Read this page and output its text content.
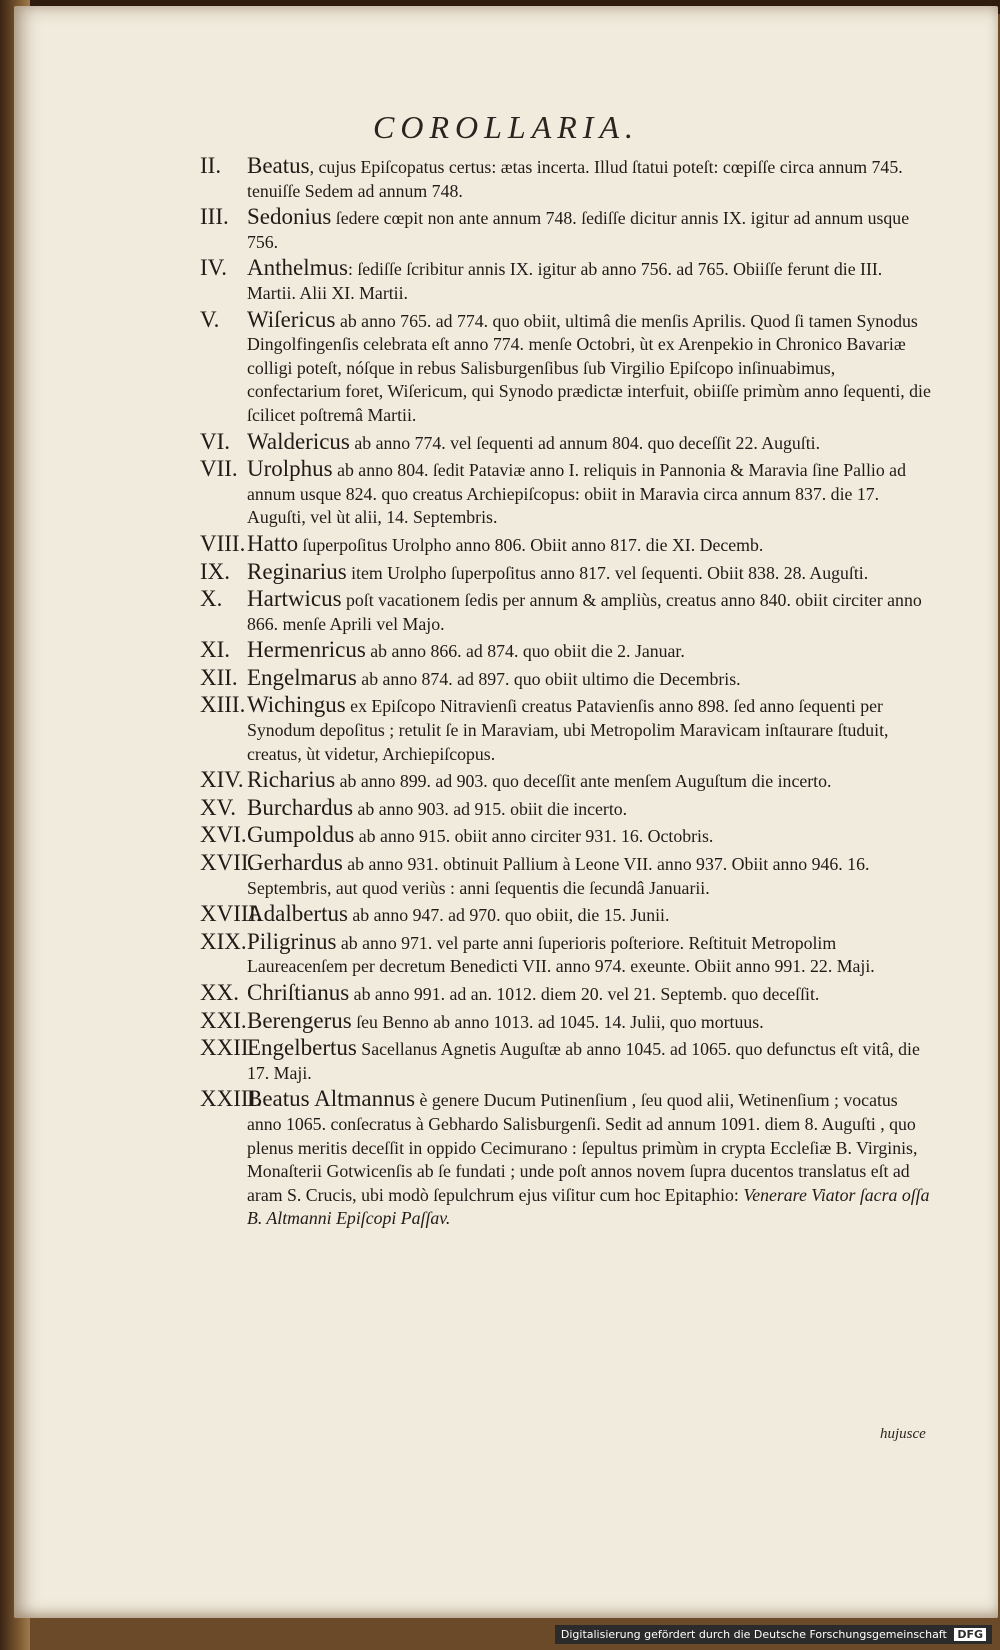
COROLLARIA.
II. Beatus, cujus Epiſcopatus certus: ætas incerta. Illud ſtatui poteſt: cœpiſſe circa annum 745. tenuiſſe Sedem ad annum 748.
III. Sedonius ſedere cœpit non ante annum 748. ſediſſe dicitur annis IX. igitur ad annum usque 756.
IV. Anthelmus: ſediſſe ſcribitur annis IX. igitur ab anno 756. ad 765. Obiiſſe ferunt die III. Martii. Alii XI. Martii.
V. Wiſericus ab anno 765. ad 774. quo obiit, ultimâ die menſis Aprilis. Quod ſi tamen Synodus Dingolfingenſis celebrata eſt anno 774. menſe Octobri, ùt ex Arenpekio in Chronico Bavariæ colligi poteſt, nóſque in rebus Salisburgenſibus ſub Virgilio Epiſcopo inſinuabimus, confectarium foret, Wiſericum, qui Synodo prædictæ interfuit, obiiſſe primùm anno ſequenti, die ſcilicet poſtremâ Martii.
VI. Waldericus ab anno 774. vel ſequenti ad annum 804. quo deceſſit 22. Auguſti.
VII. Urolphus ab anno 804. ſedit Pataviæ anno I. reliquis in Pannonia & Maravia ſine Pallio ad annum usque 824. quo creatus Archiepiſcopus: obiit in Maravia circa annum 837. die 17. Auguſti, vel ùt alii, 14. Septembris.
VIII. Hatto ſuperpoſitus Urolpho anno 806. Obiit anno 817. die XI. Decemb.
IX. Reginarius item Urolpho ſuperpoſitus anno 817. vel ſequenti. Obiit 838. 28. Auguſti.
X. Hartwicus poſt vacationem ſedis per annum & ampliùs, creatus anno 840. obiit circiter anno 866. menſe Aprili vel Majo.
XI. Hermenricus ab anno 866. ad 874. quo obiit die 2. Januar.
XII. Engelmarus ab anno 874. ad 897. quo obiit ultimo die Decembris.
XIII. Wichingus ex Epiſcopo Nitravienſi creatus Patavienſis anno 898. ſed anno ſequenti per Synodum depoſitus ; retulit ſe in Maraviam, ubi Metropolim Maravicam inſtaurare ſtuduit, creatus, ùt videtur, Archiepiſcopus.
XIV. Richarius ab anno 899. ad 903. quo deceſſit ante menſem Auguſtum die incerto.
XV. Burchardus ab anno 903. ad 915. obiit die incerto.
XVI. Gumpoldus ab anno 915. obiit anno circiter 931. 16. Octobris.
XVII.
Gerhardus ab anno 931. obtinuit Pallium à Leone VII. anno 937. Obiit anno 946. 16. Septembris, aut quod veriùs : anni ſequentis die ſecundâ Januarii.
XVIII.
Adalbertus ab anno 947. ad 970. quo obiit, die 15. Junii.
XIX. Piligrinus ab anno 971. vel parte anni ſuperioris poſteriore. Reſtituit Metropolim Laureacenſem per decretum Benedicti VII. anno 974. exeunte. Obiit anno 991. 22. Maji.
XX. Chriſtianus ab anno 991. ad an. 1012. diem 20. vel 21. Septemb. quo deceſſit.
XXI. Berengerus ſeu Benno ab anno 1013. ad 1045. 14. Julii, quo mortuus.
XXII.
Engelbertus Sacellanus Agnetis Auguſtæ ab anno 1045. ad 1065. quo defunctus eſt vitâ, die 17. Maji.
XXIII.
Beatus Altmannus è genere Ducum Putinenſium , ſeu quod alii, Wetinenſium ; vocatus anno 1065. conſecratus à Gebhardo Salisburgenſi. Sedit ad annum 1091. diem 8. Auguſti , quo plenus meritis deceſſit in oppido Cecimurano : ſepultus primùm in crypta Eccleſiæ B. Virginis, Monaſterii Gotwicenſis ab ſe fundati ; unde poſt annos novem ſupra ducentos translatus eſt ad aram S. Crucis, ubi modò ſepulchrum ejus viſitur cum hoc Epitaphio: Venerare Viator ſacra oſſa B. Altmanni Epiſcopi Paſſav.
hujusce
Digitalisierung gefördert durch die Deutsche Forschungsgemeinschaft DFG
